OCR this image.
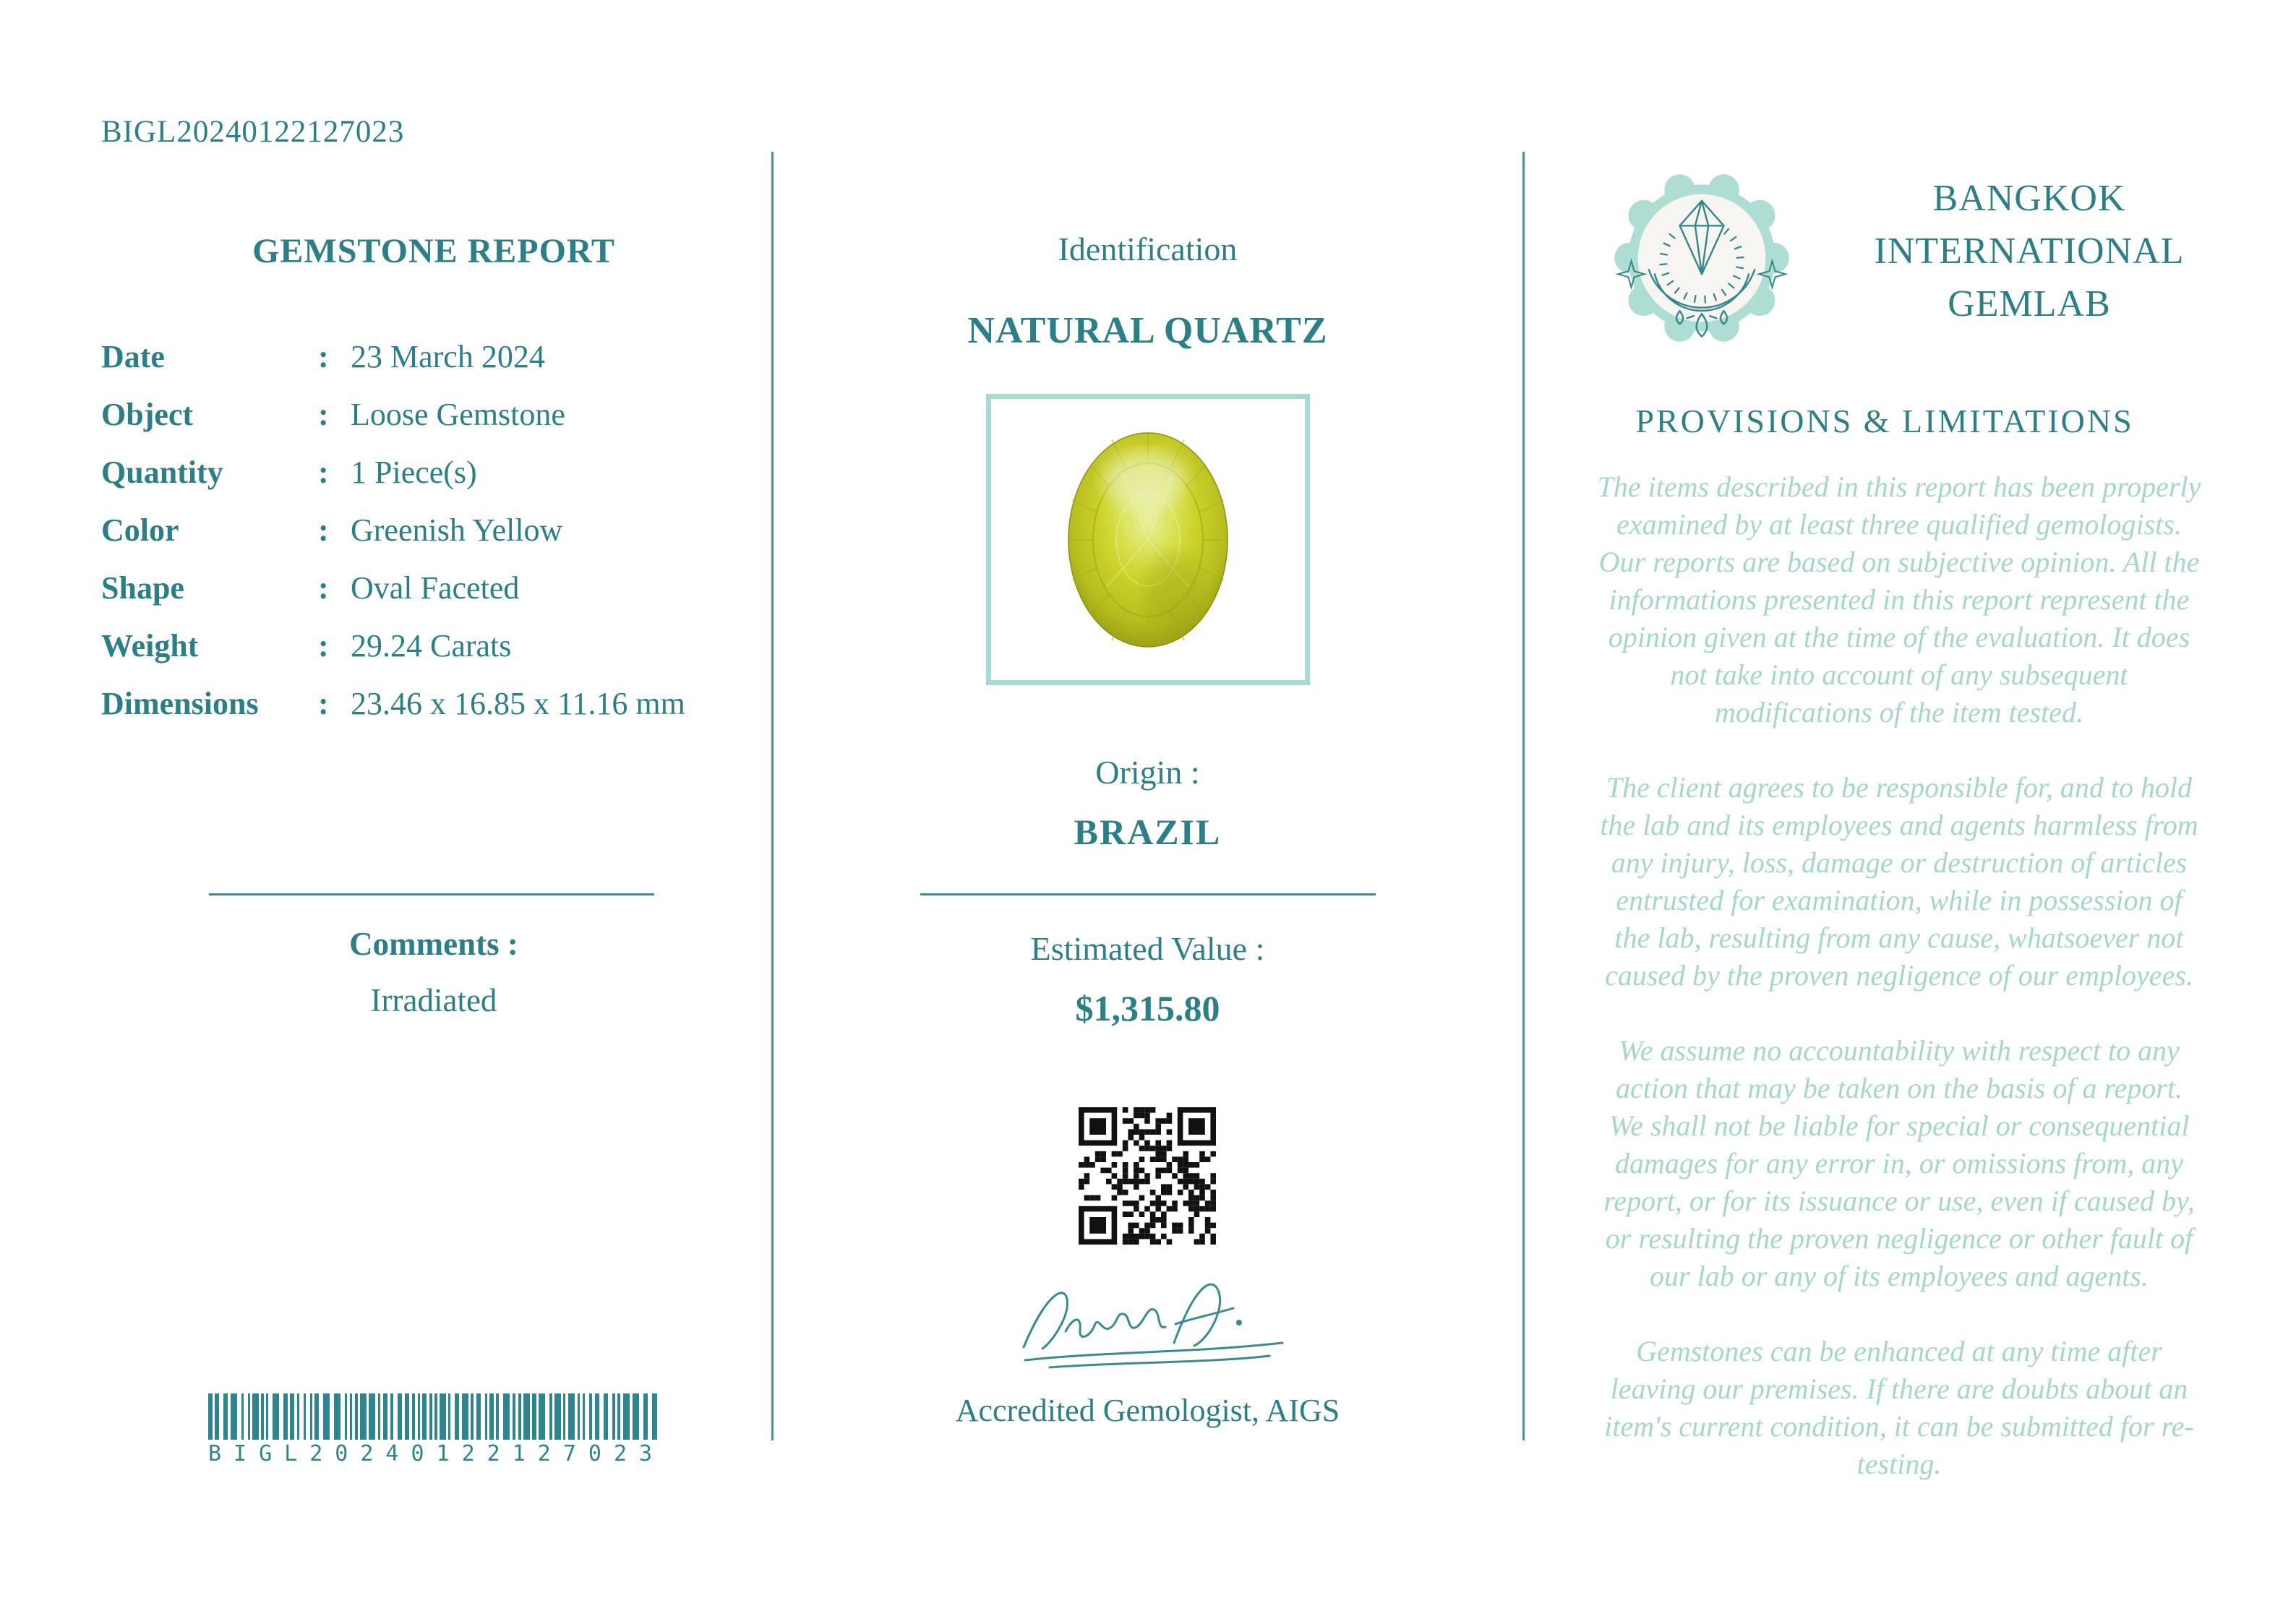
BIGL20240122127023
GEMSTONE REPORT
Date	: 23 March 2024
Object	: Loose Gemstone
Quantity	: 1 Piece(s)
Color	: Greenish Yellow
Shape	: Oval Faceted
Weight	: 29.24 Carats
Dimensions	: 23.46 x 16.85 x 11.16 mm
Comments :
Irradiated
BIGL20240122127023
Identification
NATURAL QUARTZ
Origin :
BRAZIL
Estimated Value :
$1,315.80
Accredited Gemologist, AIGS
BANGKOK
INTERNATIONAL
GEMLAB
PROVISIONS & LIMITATIONS

The items described in this report has been properly examined by at least three qualified gemologists. Our reports are based on subjective opinion. All the informations presented in this report represent the opinion given at the time of the evaluation. It does not take into account of any subsequent modifications of the item tested.

The client agrees to be responsible for, and to hold the lab and its employees and agents harmless from any injury, loss, damage or destruction of articles entrusted for examination, while in possession of the lab, resulting from any cause, whatsoever not caused by the proven negligence of our employees.

We assume no accountability with respect to any action that may be taken on the basis of a report. We shall not be liable for special or consequential damages for any error in, or omissions from, any report, or for its issuance or use, even if caused by, or resulting the proven negligence or other fault of our lab or any of its employees and agents.

Gemstones can be enhanced at any time after leaving our premises. If there are doubts about an item's current condition, it can be submitted for re-testing.
